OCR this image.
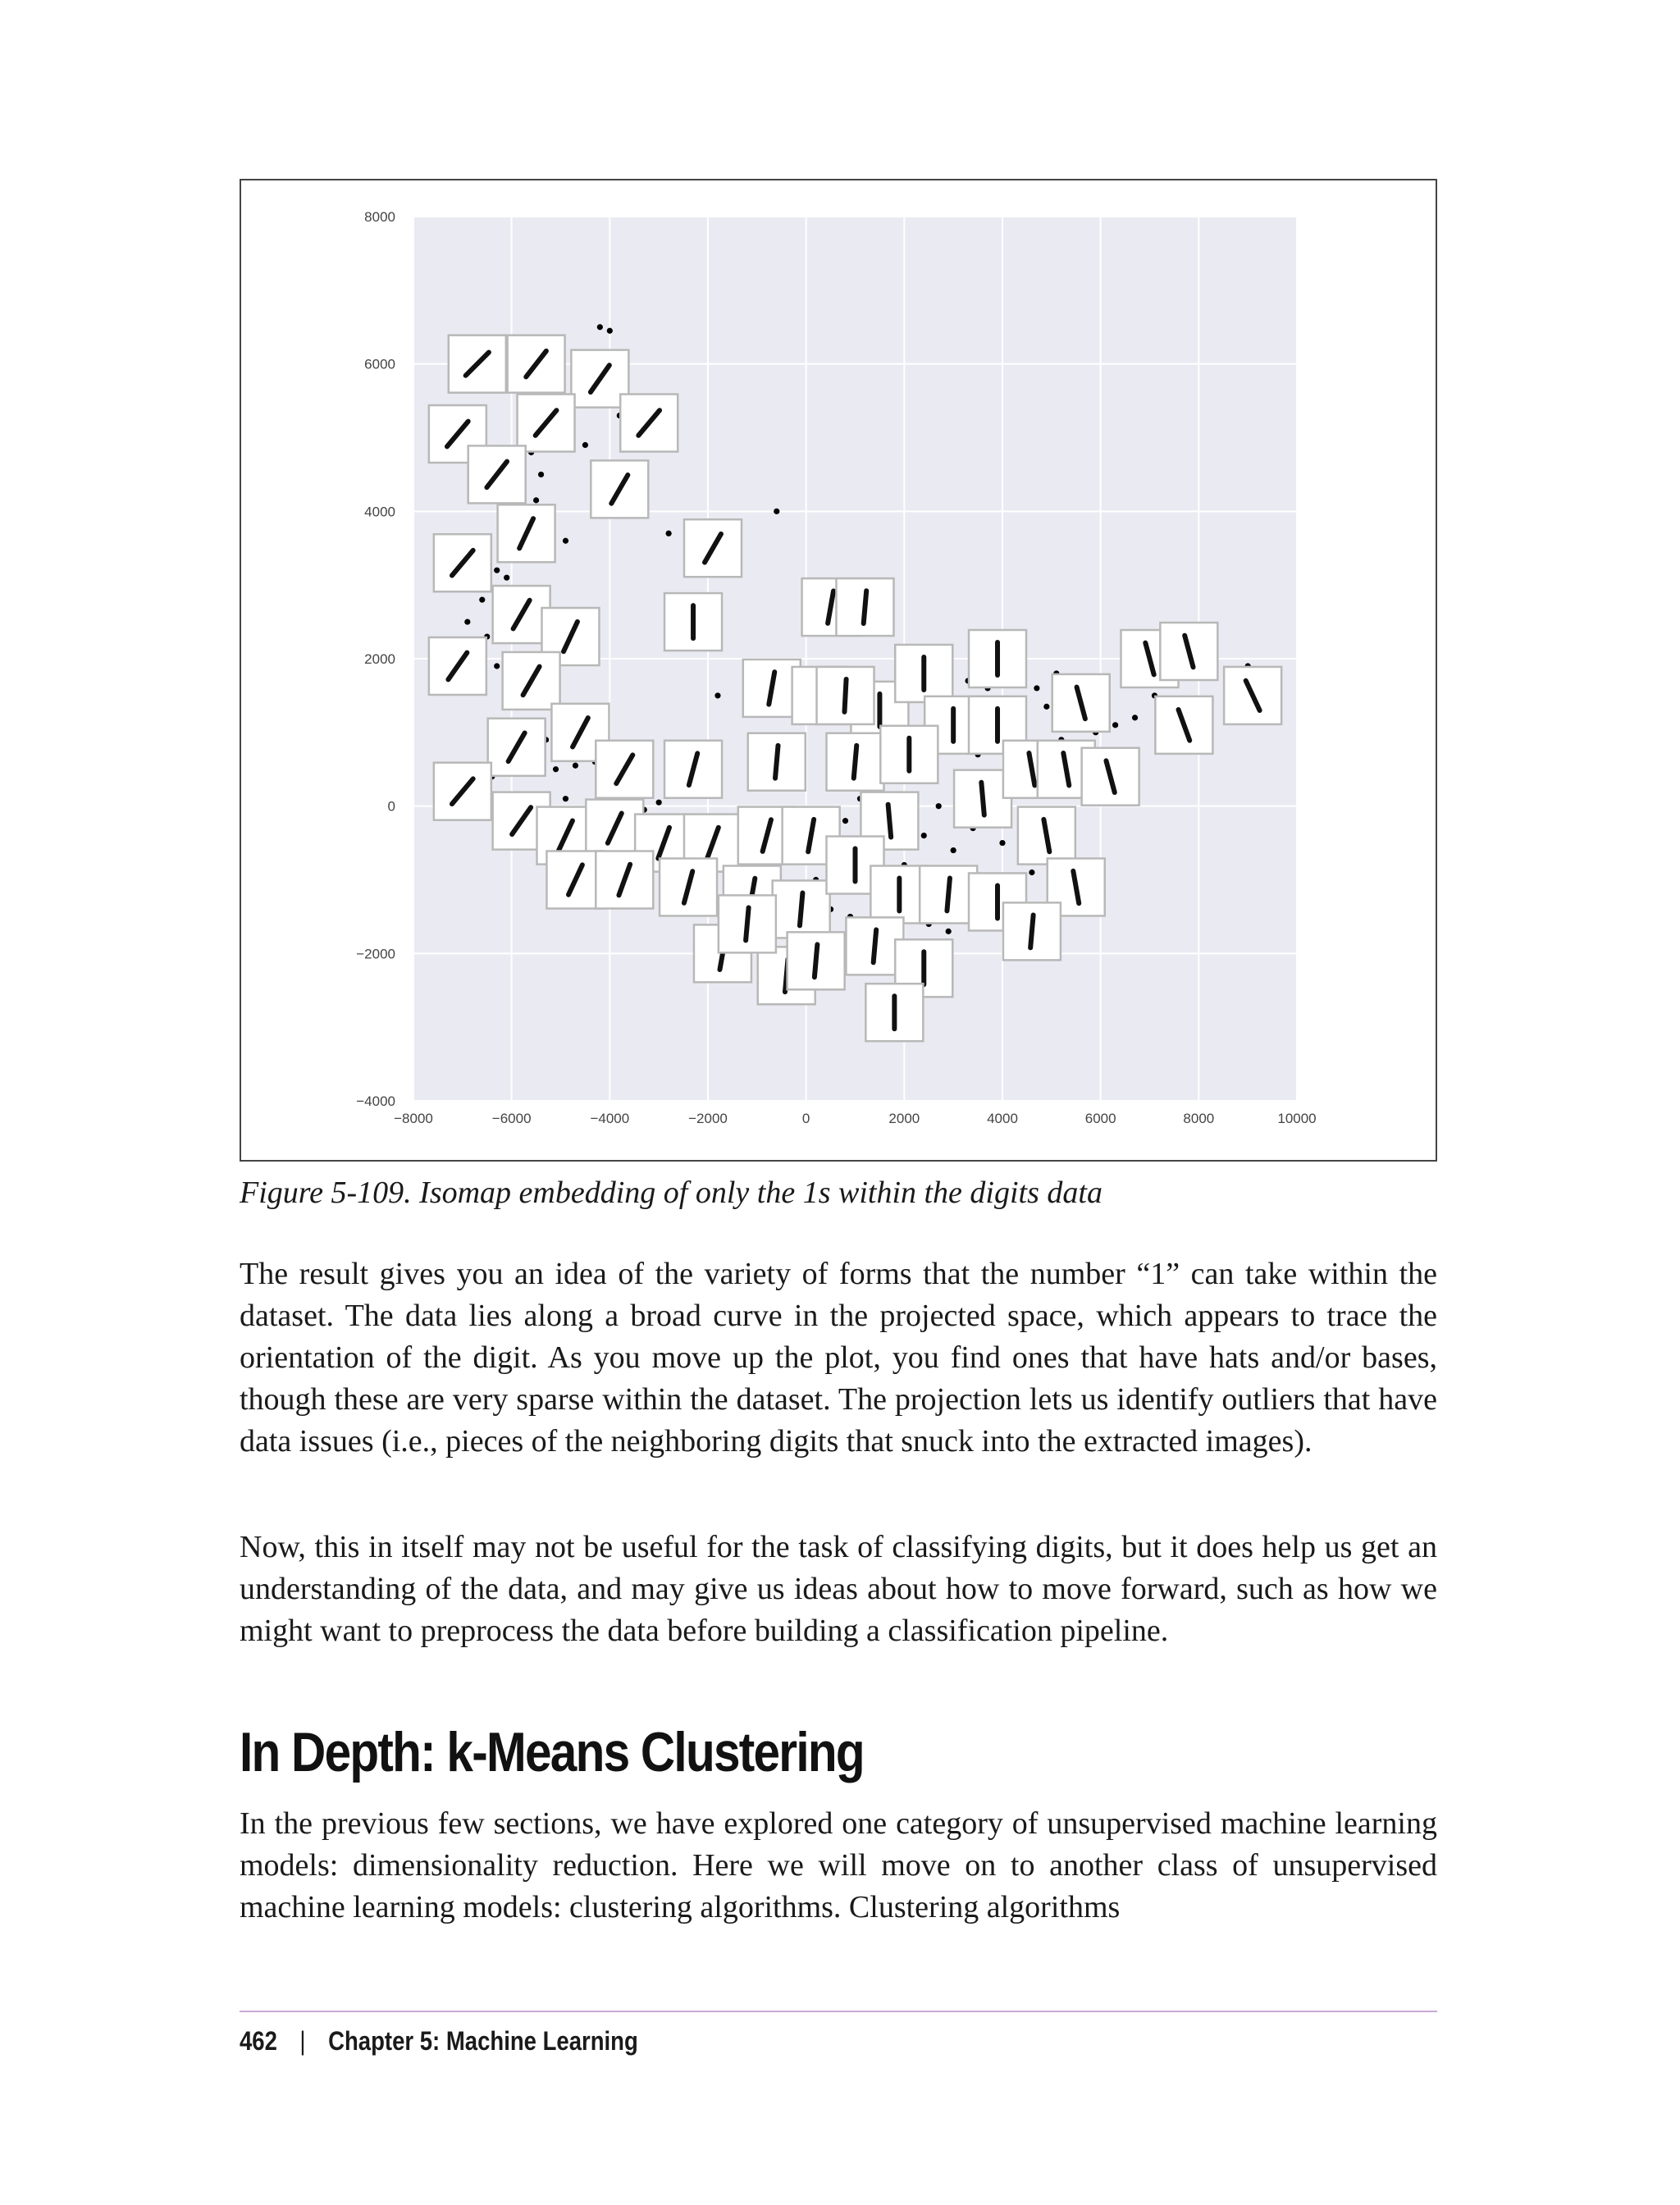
−8000	−6000	−4000	−2000	0	2000	4000	6000	8000	10000
−4000
−2000
0
2000
4000
6000
8000
Figure 5-109. Isomap embedding of only the 1s within the digits data

The result gives you an idea of the variety of forms that the number “1” can take within the dataset. The data lies along a broad curve in the projected space, which appears to trace the orientation of the digit. As you move up the plot, you find ones that have hats and/or bases, though these are very sparse within the dataset. The projection lets us identify outliers that have data issues (i.e., pieces of the neighboring digits that snuck into the extracted images).

Now, this in itself may not be useful for the task of classifying digits, but it does help us get an understanding of the data, and may give us ideas about how to move forward, such as how we might want to preprocess the data before building a classification pipeline.

In Depth: k-Means Clustering

In the previous few sections, we have explored one category of unsupervised machine learning models: dimensionality reduction. Here we will move on to another class of unsupervised machine learning models: clustering algorithms. Clustering algorithms

462 | Chapter 5: Machine Learning
